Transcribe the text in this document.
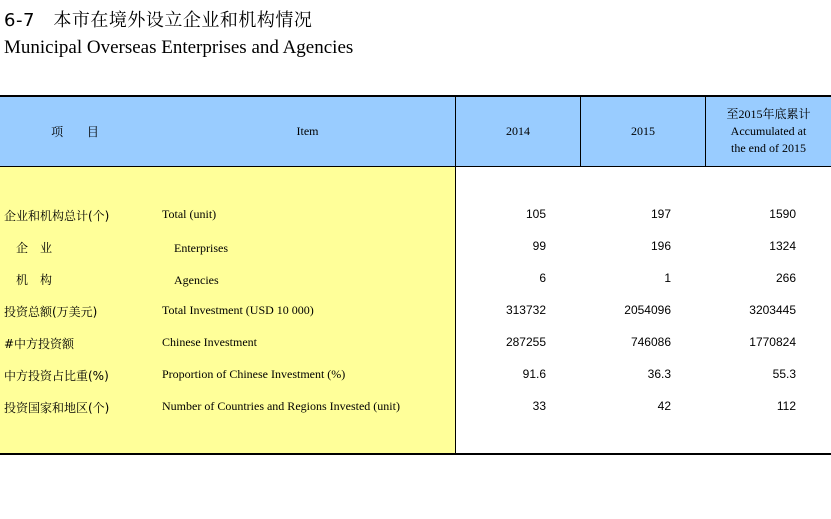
6-7　本市在境外设立企业和机构情况
Municipal Overseas Enterprises and Agencies
项 目	Item	2014	2015
至2015年底累计
Accumulated at
the end of 2015
企业和机构总计(个)	Total (unit)	105	197	1590
　企　业	　Enterprises	99	196	1324
　机　构	　Agencies	6	1	266
投资总额(万美元)	Total Investment (USD 10 000)	313732	2054096	3203445
#中方投资额	Chinese Investment	287255	746086	1770824
中方投资占比重(%)	Proportion of Chinese Investment (%)	91.6	36.3	55.3
投资国家和地区(个)	Number of Countries and Regions Invested (unit)	33	42	112
